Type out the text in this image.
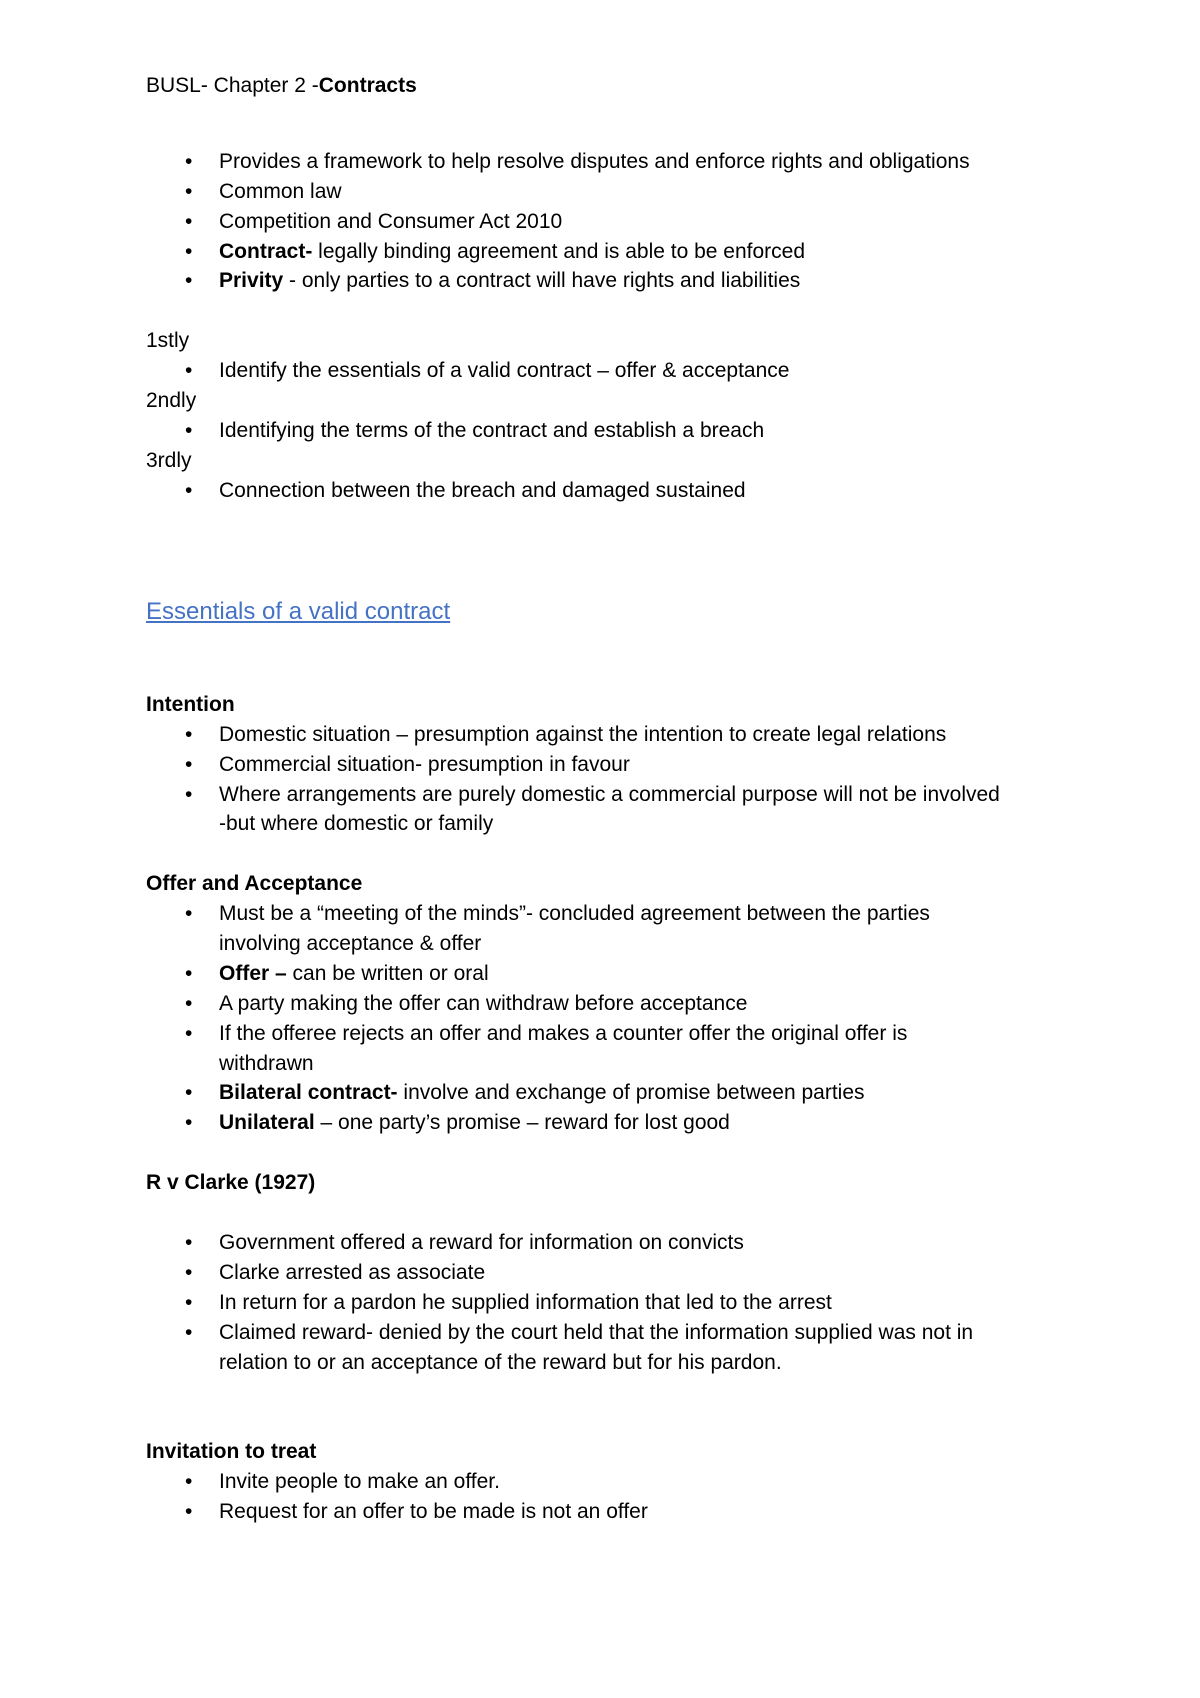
BUSL- Chapter 2 -Contracts
• Provides a framework to help resolve disputes and enforce rights and obligations
• Common law
• Competition and Consumer Act 2010
• Contract- legally binding agreement and is able to be enforced
• Privity - only parties to a contract will have rights and liabilities
1stly
• Identify the essentials of a valid contract – offer & acceptance
2ndly
• Identifying the terms of the contract and establish a breach
3rdly
• Connection between the breach and damaged sustained
Essentials of a valid contract
Intention
• Domestic situation – presumption against the intention to create legal relations
• Commercial situation- presumption in favour
• Where arrangements are purely domestic a commercial purpose will not be involved
-but where domestic or family
Offer and Acceptance
• Must be a “meeting of the minds”- concluded agreement between the parties
involving acceptance & offer
• Offer – can be written or oral
• A party making the offer can withdraw before acceptance
• If the offeree rejects an offer and makes a counter offer the original offer is
withdrawn
• Bilateral contract- involve and exchange of promise between parties
• Unilateral – one party’s promise – reward for lost good
R v Clarke (1927)
• Government offered a reward for information on convicts
• Clarke arrested as associate
• In return for a pardon he supplied information that led to the arrest
• Claimed reward- denied by the court held that the information supplied was not in
relation to or an acceptance of the reward but for his pardon.
Invitation to treat
• Invite people to make an offer.
• Request for an offer to be made is not an offer
